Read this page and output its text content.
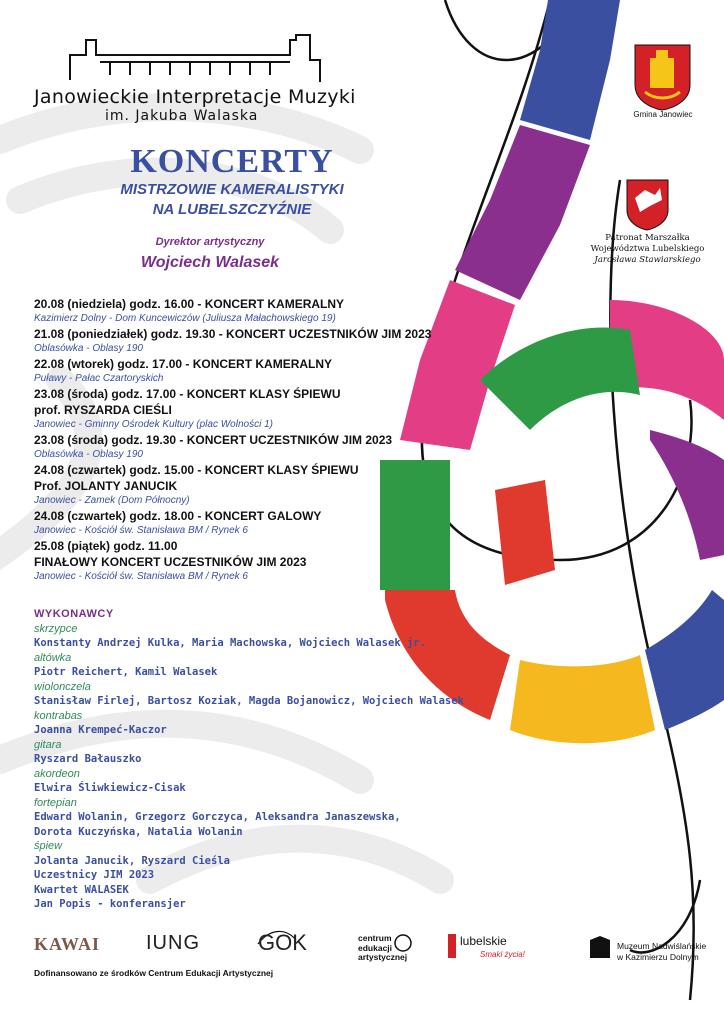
Janowieckie Interpretacje Muzyki
im. Jakuba Walaska
KONCERTY
MISTRZOWIE KAMERALISTYKI
NA LUBELSZCZYŹNIE
Dyrektor artystyczny
Wojciech Walasek
Gmina Janowiec
Patronat Marszałka
Województwa Lubelskiego
Jarosława Stawiarskiego
20.08 (niedziela) godz. 16.00 - KONCERT KAMERALNY
Kazimierz Dolny - Dom Kuncewiczów (Juliusza Małachowskiego 19)
21.08 (poniedziałek) godz. 19.30 - KONCERT UCZESTNIKÓW JIM 2023
Oblasówka - Oblasy 190
22.08 (wtorek) godz. 17.00 - KONCERT KAMERALNY
Puławy - Pałac Czartoryskich
23.08 (środa) godz. 17.00 - KONCERT KLASY ŚPIEWU
prof. RYSZARDA CIEŚLI
Janowiec - Gminny Ośrodek Kultury (plac Wolności 1)
23.08 (środa) godz. 19.30 - KONCERT UCZESTNIKÓW JIM 2023
Oblasówka - Oblasy 190
24.08 (czwartek) godz. 15.00 - KONCERT KLASY ŚPIEWU
Prof. JOLANTY JANUCIK
Janowiec - Zamek (Dom Północny)
24.08 (czwartek) godz. 18.00 - KONCERT GALOWY
Janowiec - Kościół św. Stanisława BM / Rynek 6
25.08 (piątek) godz. 11.00
FINAŁOWY KONCERT UCZESTNIKÓW JIM 2023
Janowiec - Kościół św. Stanisława BM / Rynek 6
WYKONAWCY
skrzypce
Konstanty Andrzej Kulka, Maria Machowska, Wojciech Walasek jr.
altówka
Piotr Reichert, Kamil Walasek
wiolonczela
Stanisław Firlej, Bartosz Koziak, Magda Bojanowicz, Wojciech Walasek
kontrabas
Joanna Krempeć-Kaczor
gitara
Ryszard Bałauszko
akordeon
Elwira Śliwkiewicz-Cisak
fortepian
Edward Wolanin, Grzegorz Gorczyca, Aleksandra Janaszewska,
Dorota Kuczyńska, Natalia Wolanin
śpiew
Jolanta Janucik, Ryszard Cieśla
Uczestnicy JIM 2023
Kwartet WALASEK
Jan Popis - konferansjer
KAWAI IUNG	GOK	centrum
edukacji
artystycznej
lubelskie
Smaki życia!
Muzeum Nadwiślańskie
w Kazimierzu Dolnym
Dofinansowano ze środków Centrum Edukacji Artystycznej
